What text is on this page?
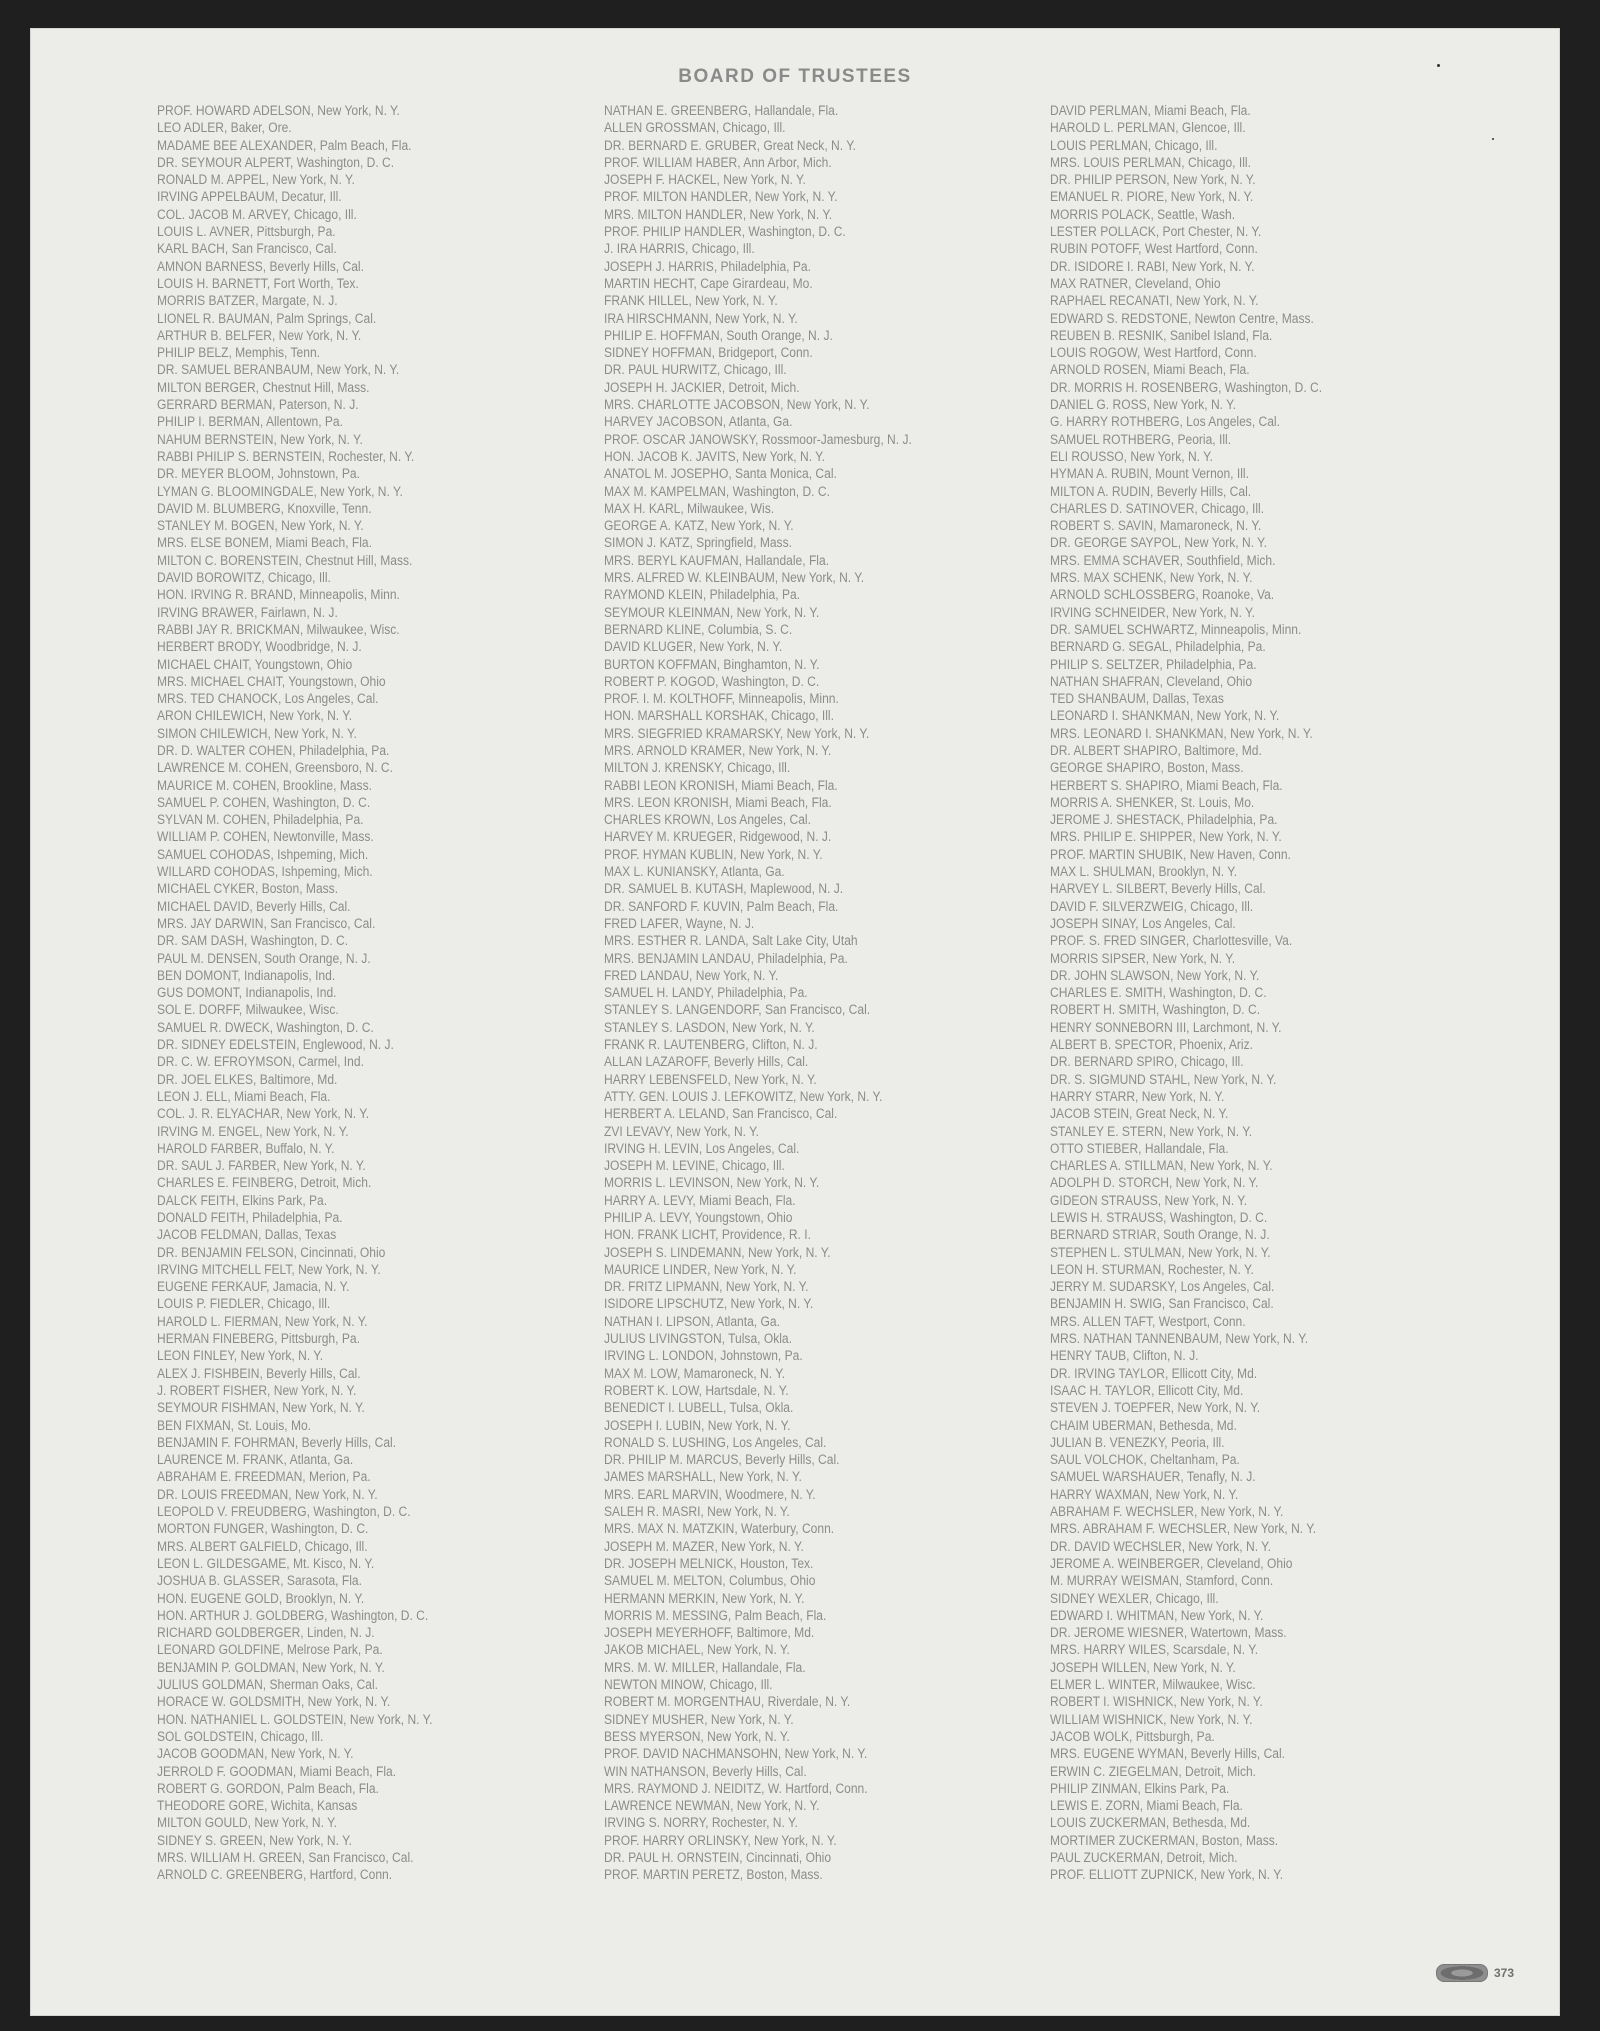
BOARD OF TRUSTEES
PROF. HOWARD ADELSON, New York, N. Y.
LEO ADLER, Baker, Ore.
MADAME BEE ALEXANDER, Palm Beach, Fla.
DR. SEYMOUR ALPERT, Washington, D. C.
RONALD M. APPEL, New York, N. Y.
IRVING APPELBAUM, Decatur, Ill.
COL. JACOB M. ARVEY, Chicago, Ill.
LOUIS L. AVNER, Pittsburgh, Pa.
KARL BACH, San Francisco, Cal.
AMNON BARNESS, Beverly Hills, Cal.
LOUIS H. BARNETT, Fort Worth, Tex.
MORRIS BATZER, Margate, N. J.
LIONEL R. BAUMAN, Palm Springs, Cal.
ARTHUR B. BELFER, New York, N. Y.
PHILIP BELZ, Memphis, Tenn.
DR. SAMUEL BERANBAUM, New York, N. Y.
MILTON BERGER, Chestnut Hill, Mass.
GERRARD BERMAN, Paterson, N. J.
PHILIP I. BERMAN, Allentown, Pa.
NAHUM BERNSTEIN, New York, N. Y.
RABBI PHILIP S. BERNSTEIN, Rochester, N. Y.
DR. MEYER BLOOM, Johnstown, Pa.
LYMAN G. BLOOMINGDALE, New York, N. Y.
DAVID M. BLUMBERG, Knoxville, Tenn.
STANLEY M. BOGEN, New York, N. Y.
MRS. ELSE BONEM, Miami Beach, Fla.
MILTON C. BORENSTEIN, Chestnut Hill, Mass.
DAVID BOROWITZ, Chicago, Ill.
HON. IRVING R. BRAND, Minneapolis, Minn.
IRVING BRAWER, Fairlawn, N. J.
RABBI JAY R. BRICKMAN, Milwaukee, Wisc.
HERBERT BRODY, Woodbridge, N. J.
MICHAEL CHAIT, Youngstown, Ohio
MRS. MICHAEL CHAIT, Youngstown, Ohio
MRS. TED CHANOCK, Los Angeles, Cal.
ARON CHILEWICH, New York, N. Y.
SIMON CHILEWICH, New York, N. Y.
DR. D. WALTER COHEN, Philadelphia, Pa.
LAWRENCE M. COHEN, Greensboro, N. C.
MAURICE M. COHEN, Brookline, Mass.
SAMUEL P. COHEN, Washington, D. C.
SYLVAN M. COHEN, Philadelphia, Pa.
WILLIAM P. COHEN, Newtonville, Mass.
SAMUEL COHODAS, Ishpeming, Mich.
WILLARD COHODAS, Ishpeming, Mich.
MICHAEL CYKER, Boston, Mass.
MICHAEL DAVID, Beverly Hills, Cal.
MRS. JAY DARWIN, San Francisco, Cal.
DR. SAM DASH, Washington, D. C.
PAUL M. DENSEN, South Orange, N. J.
BEN DOMONT, Indianapolis, Ind.
GUS DOMONT, Indianapolis, Ind.
SOL E. DORFF, Milwaukee, Wisc.
SAMUEL R. DWECK, Washington, D. C.
DR. SIDNEY EDELSTEIN, Englewood, N. J.
DR. C. W. EFROYMSON, Carmel, Ind.
DR. JOEL ELKES, Baltimore, Md.
LEON J. ELL, Miami Beach, Fla.
COL. J. R. ELYACHAR, New York, N. Y.
IRVING M. ENGEL, New York, N. Y.
HAROLD FARBER, Buffalo, N. Y.
DR. SAUL J. FARBER, New York, N. Y.
CHARLES E. FEINBERG, Detroit, Mich.
DALCK FEITH, Elkins Park, Pa.
DONALD FEITH, Philadelphia, Pa.
JACOB FELDMAN, Dallas, Texas
DR. BENJAMIN FELSON, Cincinnati, Ohio
IRVING MITCHELL FELT, New York, N. Y.
EUGENE FERKAUF, Jamacia, N. Y.
LOUIS P. FIEDLER, Chicago, Ill.
HAROLD L. FIERMAN, New York, N. Y.
HERMAN FINEBERG, Pittsburgh, Pa.
LEON FINLEY, New York, N. Y.
ALEX J. FISHBEIN, Beverly Hills, Cal.
J. ROBERT FISHER, New York, N. Y.
SEYMOUR FISHMAN, New York, N. Y.
BEN FIXMAN, St. Louis, Mo.
BENJAMIN F. FOHRMAN, Beverly Hills, Cal.
LAURENCE M. FRANK, Atlanta, Ga.
ABRAHAM E. FREEDMAN, Merion, Pa.
DR. LOUIS FREEDMAN, New York, N. Y.
LEOPOLD V. FREUDBERG, Washington, D. C.
MORTON FUNGER, Washington, D. C.
MRS. ALBERT GALFIELD, Chicago, Ill.
LEON L. GILDESGAME, Mt. Kisco, N. Y.
JOSHUA B. GLASSER, Sarasota, Fla.
HON. EUGENE GOLD, Brooklyn, N. Y.
HON. ARTHUR J. GOLDBERG, Washington, D. C.
RICHARD GOLDBERGER, Linden, N. J.
LEONARD GOLDFINE, Melrose Park, Pa.
BENJAMIN P. GOLDMAN, New York, N. Y.
JULIUS GOLDMAN, Sherman Oaks, Cal.
HORACE W. GOLDSMITH, New York, N. Y.
HON. NATHANIEL L. GOLDSTEIN, New York, N. Y.
SOL GOLDSTEIN, Chicago, Ill.
JACOB GOODMAN, New York, N. Y.
JERROLD F. GOODMAN, Miami Beach, Fla.
ROBERT G. GORDON, Palm Beach, Fla.
THEODORE GORE, Wichita, Kansas
MILTON GOULD, New York, N. Y.
SIDNEY S. GREEN, New York, N. Y.
MRS. WILLIAM H. GREEN, San Francisco, Cal.
ARNOLD C. GREENBERG, Hartford, Conn.
NATHAN E. GREENBERG, Hallandale, Fla.
ALLEN GROSSMAN, Chicago, Ill.
DR. BERNARD E. GRUBER, Great Neck, N. Y.
PROF. WILLIAM HABER, Ann Arbor, Mich.
JOSEPH F. HACKEL, New York, N. Y.
PROF. MILTON HANDLER, New York, N. Y.
MRS. MILTON HANDLER, New York, N. Y.
PROF. PHILIP HANDLER, Washington, D. C.
J. IRA HARRIS, Chicago, Ill.
JOSEPH J. HARRIS, Philadelphia, Pa.
MARTIN HECHT, Cape Girardeau, Mo.
FRANK HILLEL, New York, N. Y.
IRA HIRSCHMANN, New York, N. Y.
PHILIP E. HOFFMAN, South Orange, N. J.
SIDNEY HOFFMAN, Bridgeport, Conn.
DR. PAUL HURWITZ, Chicago, Ill.
JOSEPH H. JACKIER, Detroit, Mich.
MRS. CHARLOTTE JACOBSON, New York, N. Y.
HARVEY JACOBSON, Atlanta, Ga.
PROF. OSCAR JANOWSKY, Rossmoor-Jamesburg, N. J.
HON. JACOB K. JAVITS, New York, N. Y.
ANATOL M. JOSEPHO, Santa Monica, Cal.
MAX M. KAMPELMAN, Washington, D. C.
MAX H. KARL, Milwaukee, Wis.
GEORGE A. KATZ, New York, N. Y.
SIMON J. KATZ, Springfield, Mass.
MRS. BERYL KAUFMAN, Hallandale, Fla.
MRS. ALFRED W. KLEINBAUM, New York, N. Y.
RAYMOND KLEIN, Philadelphia, Pa.
SEYMOUR KLEINMAN, New York, N. Y.
BERNARD KLINE, Columbia, S. C.
DAVID KLUGER, New York, N. Y.
BURTON KOFFMAN, Binghamton, N. Y.
ROBERT P. KOGOD, Washington, D. C.
PROF. I. M. KOLTHOFF, Minneapolis, Minn.
HON. MARSHALL KORSHAK, Chicago, Ill.
MRS. SIEGFRIED KRAMARSKY, New York, N. Y.
MRS. ARNOLD KRAMER, New York, N. Y.
MILTON J. KRENSKY, Chicago, Ill.
RABBI LEON KRONISH, Miami Beach, Fla.
MRS. LEON KRONISH, Miami Beach, Fla.
CHARLES KROWN, Los Angeles, Cal.
HARVEY M. KRUEGER, Ridgewood, N. J.
PROF. HYMAN KUBLIN, New York, N. Y.
MAX L. KUNIANSKY, Atlanta, Ga.
DR. SAMUEL B. KUTASH, Maplewood, N. J.
DR. SANFORD F. KUVIN, Palm Beach, Fla.
FRED LAFER, Wayne, N. J.
MRS. ESTHER R. LANDA, Salt Lake City, Utah
MRS. BENJAMIN LANDAU, Philadelphia, Pa.
FRED LANDAU, New York, N. Y.
SAMUEL H. LANDY, Philadelphia, Pa.
STANLEY S. LANGENDORF, San Francisco, Cal.
STANLEY S. LASDON, New York, N. Y.
FRANK R. LAUTENBERG, Clifton, N. J.
ALLAN LAZAROFF, Beverly Hills, Cal.
HARRY LEBENSFELD, New York, N. Y.
ATTY. GEN. LOUIS J. LEFKOWITZ, New York, N. Y.
HERBERT A. LELAND, San Francisco, Cal.
ZVI LEVAVY, New York, N. Y.
IRVING H. LEVIN, Los Angeles, Cal.
JOSEPH M. LEVINE, Chicago, Ill.
MORRIS L. LEVINSON, New York, N. Y.
HARRY A. LEVY, Miami Beach, Fla.
PHILIP A. LEVY, Youngstown, Ohio
HON. FRANK LICHT, Providence, R. I.
JOSEPH S. LINDEMANN, New York, N. Y.
MAURICE LINDER, New York, N. Y.
DR. FRITZ LIPMANN, New York, N. Y.
ISIDORE LIPSCHUTZ, New York, N. Y.
NATHAN I. LIPSON, Atlanta, Ga.
JULIUS LIVINGSTON, Tulsa, Okla.
IRVING L. LONDON, Johnstown, Pa.
MAX M. LOW, Mamaroneck, N. Y.
ROBERT K. LOW, Hartsdale, N. Y.
BENEDICT I. LUBELL, Tulsa, Okla.
JOSEPH I. LUBIN, New York, N. Y.
RONALD S. LUSHING, Los Angeles, Cal.
DR. PHILIP M. MARCUS, Beverly Hills, Cal.
JAMES MARSHALL, New York, N. Y.
MRS. EARL MARVIN, Woodmere, N. Y.
SALEH R. MASRI, New York, N. Y.
MRS. MAX N. MATZKIN, Waterbury, Conn.
JOSEPH M. MAZER, New York, N. Y.
DR. JOSEPH MELNICK, Houston, Tex.
SAMUEL M. MELTON, Columbus, Ohio
HERMANN MERKIN, New York, N. Y.
MORRIS M. MESSING, Palm Beach, Fla.
JOSEPH MEYERHOFF, Baltimore, Md.
JAKOB MICHAEL, New York, N. Y.
MRS. M. W. MILLER, Hallandale, Fla.
NEWTON MINOW, Chicago, Ill.
ROBERT M. MORGENTHAU, Riverdale, N. Y.
SIDNEY MUSHER, New York, N. Y.
BESS MYERSON, New York, N. Y.
PROF. DAVID NACHMANSOHN, New York, N. Y.
WIN NATHANSON, Beverly Hills, Cal.
MRS. RAYMOND J. NEIDITZ, W. Hartford, Conn.
LAWRENCE NEWMAN, New York, N. Y.
IRVING S. NORRY, Rochester, N. Y.
PROF. HARRY ORLINSKY, New York, N. Y.
DR. PAUL H. ORNSTEIN, Cincinnati, Ohio
PROF. MARTIN PERETZ, Boston, Mass.
DAVID PERLMAN, Miami Beach, Fla.
HAROLD L. PERLMAN, Glencoe, Ill.
LOUIS PERLMAN, Chicago, Ill.
MRS. LOUIS PERLMAN, Chicago, Ill.
DR. PHILIP PERSON, New York, N. Y.
EMANUEL R. PIORE, New York, N. Y.
MORRIS POLACK, Seattle, Wash.
LESTER POLLACK, Port Chester, N. Y.
RUBIN POTOFF, West Hartford, Conn.
DR. ISIDORE I. RABI, New York, N. Y.
MAX RATNER, Cleveland, Ohio
RAPHAEL RECANATI, New York, N. Y.
EDWARD S. REDSTONE, Newton Centre, Mass.
REUBEN B. RESNIK, Sanibel Island, Fla.
LOUIS ROGOW, West Hartford, Conn.
ARNOLD ROSEN, Miami Beach, Fla.
DR. MORRIS H. ROSENBERG, Washington, D. C.
DANIEL G. ROSS, New York, N. Y.
G. HARRY ROTHBERG, Los Angeles, Cal.
SAMUEL ROTHBERG, Peoria, Ill.
ELI ROUSSO, New York, N. Y.
HYMAN A. RUBIN, Mount Vernon, Ill.
MILTON A. RUDIN, Beverly Hills, Cal.
CHARLES D. SATINOVER, Chicago, Ill.
ROBERT S. SAVIN, Mamaroneck, N. Y.
DR. GEORGE SAYPOL, New York, N. Y.
MRS. EMMA SCHAVER, Southfield, Mich.
MRS. MAX SCHENK, New York, N. Y.
ARNOLD SCHLOSSBERG, Roanoke, Va.
IRVING SCHNEIDER, New York, N. Y.
DR. SAMUEL SCHWARTZ, Minneapolis, Minn.
BERNARD G. SEGAL, Philadelphia, Pa.
PHILIP S. SELTZER, Philadelphia, Pa.
NATHAN SHAFRAN, Cleveland, Ohio
TED SHANBAUM, Dallas, Texas
LEONARD I. SHANKMAN, New York, N. Y.
MRS. LEONARD I. SHANKMAN, New York, N. Y.
DR. ALBERT SHAPIRO, Baltimore, Md.
GEORGE SHAPIRO, Boston, Mass.
HERBERT S. SHAPIRO, Miami Beach, Fla.
MORRIS A. SHENKER, St. Louis, Mo.
JEROME J. SHESTACK, Philadelphia, Pa.
MRS. PHILIP E. SHIPPER, New York, N. Y.
PROF. MARTIN SHUBIK, New Haven, Conn.
MAX L. SHULMAN, Brooklyn, N. Y.
HARVEY L. SILBERT, Beverly Hills, Cal.
DAVID F. SILVERZWEIG, Chicago, Ill.
JOSEPH SINAY, Los Angeles, Cal.
PROF. S. FRED SINGER, Charlottesville, Va.
MORRIS SIPSER, New York, N. Y.
DR. JOHN SLAWSON, New York, N. Y.
CHARLES E. SMITH, Washington, D. C.
ROBERT H. SMITH, Washington, D. C.
HENRY SONNEBORN III, Larchmont, N. Y.
ALBERT B. SPECTOR, Phoenix, Ariz.
DR. BERNARD SPIRO, Chicago, Ill.
DR. S. SIGMUND STAHL, New York, N. Y.
HARRY STARR, New York, N. Y.
JACOB STEIN, Great Neck, N. Y.
STANLEY E. STERN, New York, N. Y.
OTTO STIEBER, Hallandale, Fla.
CHARLES A. STILLMAN, New York, N. Y.
ADOLPH D. STORCH, New York, N. Y.
GIDEON STRAUSS, New York, N. Y.
LEWIS H. STRAUSS, Washington, D. C.
BERNARD STRIAR, South Orange, N. J.
STEPHEN L. STULMAN, New York, N. Y.
LEON H. STURMAN, Rochester, N. Y.
JERRY M. SUDARSKY, Los Angeles, Cal.
BENJAMIN H. SWIG, San Francisco, Cal.
MRS. ALLEN TAFT, Westport, Conn.
MRS. NATHAN TANNENBAUM, New York, N. Y.
HENRY TAUB, Clifton, N. J.
DR. IRVING TAYLOR, Ellicott City, Md.
ISAAC H. TAYLOR, Ellicott City, Md.
STEVEN J. TOEPFER, New York, N. Y.
CHAIM UBERMAN, Bethesda, Md.
JULIAN B. VENEZKY, Peoria, Ill.
SAUL VOLCHOK, Cheltanham, Pa.
SAMUEL WARSHAUER, Tenafly, N. J.
HARRY WAXMAN, New York, N. Y.
ABRAHAM F. WECHSLER, New York, N. Y.
MRS. ABRAHAM F. WECHSLER, New York, N. Y.
DR. DAVID WECHSLER, New York, N. Y.
JEROME A. WEINBERGER, Cleveland, Ohio
M. MURRAY WEISMAN, Stamford, Conn.
SIDNEY WEXLER, Chicago, Ill.
EDWARD I. WHITMAN, New York, N. Y.
DR. JEROME WIESNER, Watertown, Mass.
MRS. HARRY WILES, Scarsdale, N. Y.
JOSEPH WILLEN, New York, N. Y.
ELMER L. WINTER, Milwaukee, Wisc.
ROBERT I. WISHNICK, New York, N. Y.
WILLIAM WISHNICK, New York, N. Y.
JACOB WOLK, Pittsburgh, Pa.
MRS. EUGENE WYMAN, Beverly Hills, Cal.
ERWIN C. ZIEGELMAN, Detroit, Mich.
PHILIP ZINMAN, Elkins Park, Pa.
LEWIS E. ZORN, Miami Beach, Fla.
LOUIS ZUCKERMAN, Bethesda, Md.
MORTIMER ZUCKERMAN, Boston, Mass.
PAUL ZUCKERMAN, Detroit, Mich.
PROF. ELLIOTT ZUPNICK, New York, N. Y.
373
